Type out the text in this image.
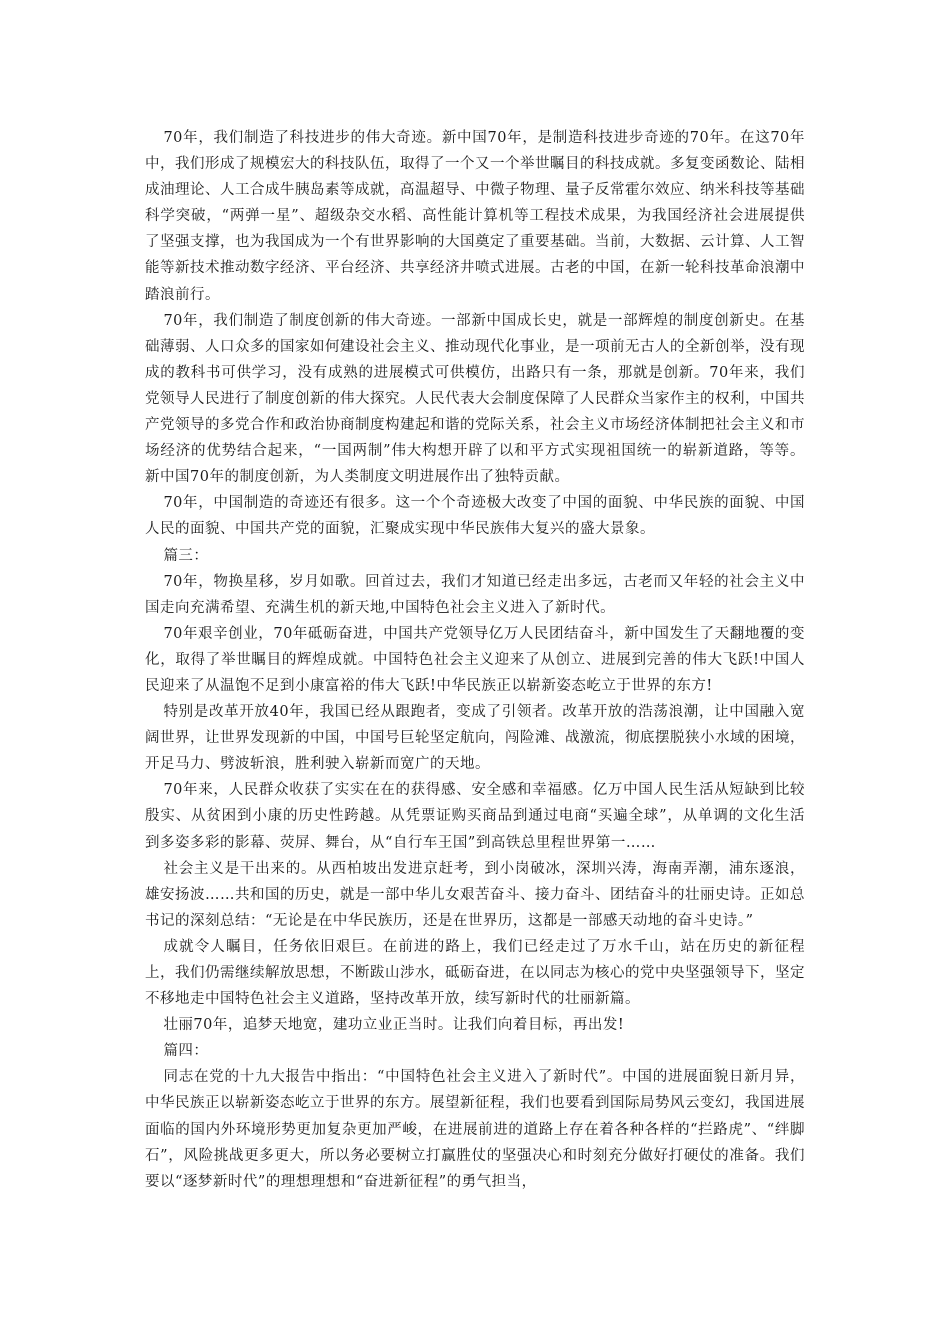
70年，我们制造了科技进步的伟大奇迹。新中国70年，是制造科技进步奇迹的70年。在这70年中，我们形成了规模宏大的科技队伍，取得了一个又一个举世瞩目的科技成就。多复变函数论、陆相成油理论、人工合成牛胰岛素等成就，高温超导、中微子物理、量子反常霍尔效应、纳米科技等基础科学突破，“两弹一星”、超级杂交水稻、高性能计算机等工程技术成果，为我国经济社会进展提供了坚强支撑，也为我国成为一个有世界影响的大国奠定了重要基础。当前，大数据、云计算、人工智能等新技术推动数字经济、平台经济、共享经济井喷式进展。古老的中国，在新一轮科技革命浪潮中踏浪前行。

70年，我们制造了制度创新的伟大奇迹。一部新中国成长史，就是一部辉煌的制度创新史。在基础薄弱、人口众多的国家如何建设社会主义、推动现代化事业，是一项前无古人的全新创举，没有现成的教科书可供学习，没有成熟的进展模式可供模仿，出路只有一条，那就是创新。70年来，我们党领导人民进行了制度创新的伟大探究。人民代表大会制度保障了人民群众当家作主的权利，中国共产党领导的多党合作和政治协商制度构建起和谐的党际关系，社会主义市场经济体制把社会主义和市场经济的优势结合起来，“一国两制”伟大构想开辟了以和平方式实现祖国统一的崭新道路，等等。新中国70年的制度创新，为人类制度文明进展作出了独特贡献。

70年，中国制造的奇迹还有很多。这一个个奇迹极大改变了中国的面貌、中华民族的面貌、中国人民的面貌、中国共产党的面貌，汇聚成实现中华民族伟大复兴的盛大景象。

篇三：

70年，物换星移，岁月如歌。回首过去，我们才知道已经走出多远，古老而又年轻的社会主义中国走向充满希望、充满生机的新天地,中国特色社会主义进入了新时代。

70年艰辛创业，70年砥砺奋进，中国共产党领导亿万人民团结奋斗，新中国发生了天翻地覆的变化，取得了举世瞩目的辉煌成就。中国特色社会主义迎来了从创立、进展到完善的伟大飞跃!中国人民迎来了从温饱不足到小康富裕的伟大飞跃!中华民族正以崭新姿态屹立于世界的东方!

特别是改革开放40年，我国已经从跟跑者，变成了引领者。改革开放的浩荡浪潮，让中国融入宽阔世界，让世界发现新的中国，中国号巨轮坚定航向，闯险滩、战激流，彻底摆脱狭小水域的困境，开足马力、劈波斩浪，胜利驶入崭新而宽广的天地。

70年来，人民群众收获了实实在在的获得感、安全感和幸福感。亿万中国人民生活从短缺到比较殷实、从贫困到小康的历史性跨越。从凭票证购买商品到通过电商“买遍全球”，从单调的文化生活到多姿多彩的影幕、荧屏、舞台，从“自行车王国”到高铁总里程世界第一……

社会主义是干出来的。从西柏坡出发进京赶考，到小岗破冰，深圳兴涛，海南弄潮，浦东逐浪，雄安扬波……共和国的历史，就是一部中华儿女艰苦奋斗、接力奋斗、团结奋斗的壮丽史诗。正如总书记的深刻总结：“无论是在中华民族历，还是在世界历，这都是一部感天动地的奋斗史诗。”

成就令人瞩目，任务依旧艰巨。在前进的路上，我们已经走过了万水千山，站在历史的新征程上，我们仍需继续解放思想，不断跋山涉水，砥砺奋进，在以同志为核心的党中央坚强领导下，坚定不移地走中国特色社会主义道路，坚持改革开放，续写新时代的壮丽新篇。

壮丽70年，追梦天地宽，建功立业正当时。让我们向着目标，再出发!

篇四：

同志在党的十九大报告中指出：“中国特色社会主义进入了新时代”。中国的进展面貌日新月异，中华民族正以崭新姿态屹立于世界的东方。展望新征程，我们也要看到国际局势风云变幻，我国进展面临的国内外环境形势更加复杂更加严峻，在进展前进的道路上存在着各种各样的“拦路虎”、“绊脚石”，风险挑战更多更大，所以务必要树立打赢胜仗的坚强决心和时刻充分做好打硬仗的准备。我们要以“逐梦新时代”的理想理想和“奋进新征程”的勇气担当，
